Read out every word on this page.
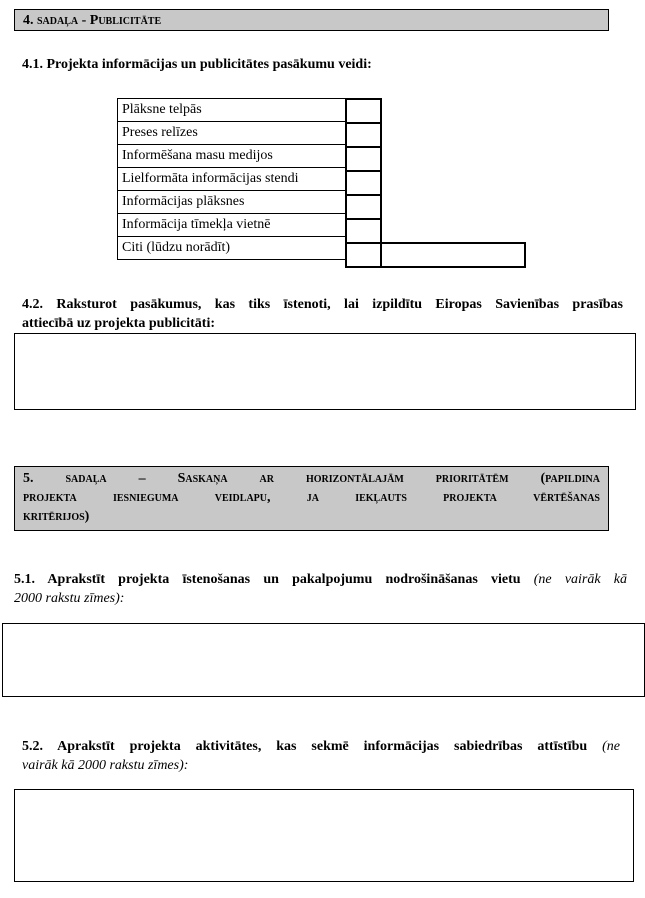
4. sadaļa - Publicitāte
4.1. Projekta informācijas un publicitātes pasākumu veidi:
Plāksne telpās
Preses relīzes
Informēšana masu medijos
Lielformāta informācijas stendi
Informācijas plāksnes
Informācija tīmekļa vietnē
Citi (lūdzu norādīt)
4.2. Raksturot pasākumus, kas tiks īstenoti, lai izpildītu Eiropas Savienības prasības
attiecībā uz projekta publicitāti:
5. sadaļa – Saskaņa ar horizontālajām prioritātēm (papildina
projekta iesnieguma veidlapu, ja iekļauts projekta vērtēšanas
kritērijos)
5.1. Aprakstīt projekta īstenošanas un pakalpojumu nodrošināšanas vietu (ne vairāk kā
2000 rakstu zīmes):
5.2. Aprakstīt projekta aktivitātes, kas sekmē informācijas sabiedrības attīstību (ne
vairāk kā 2000 rakstu zīmes):
